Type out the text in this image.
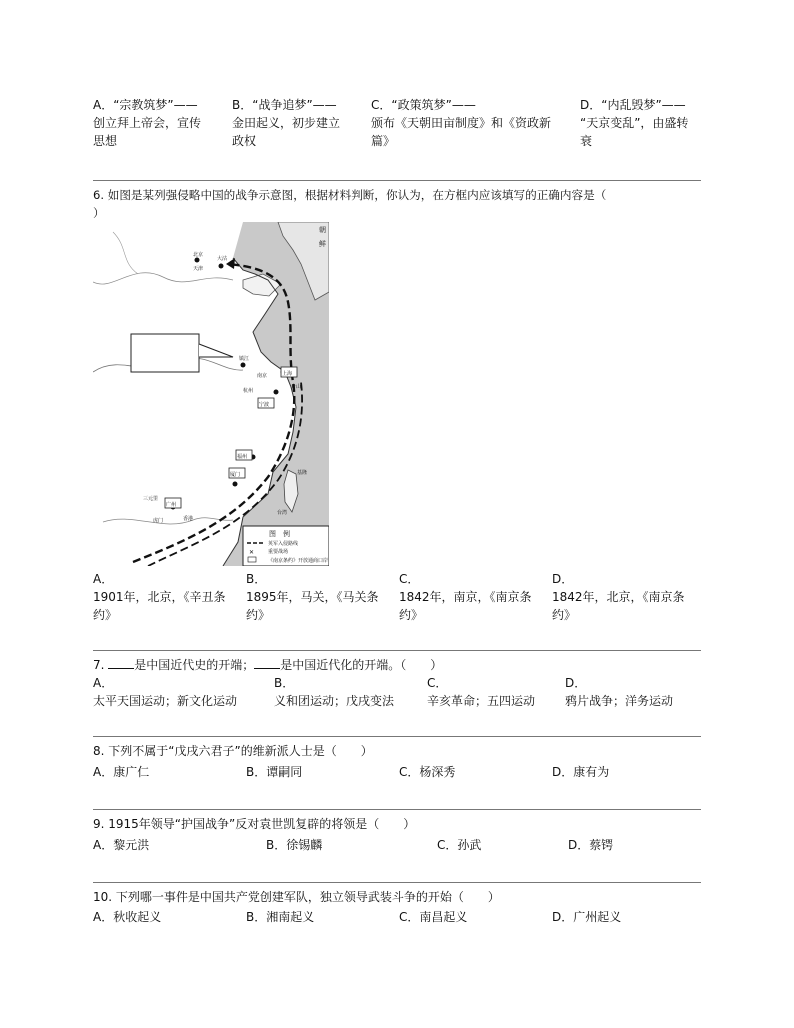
A．“宗教筑梦”——
创立拜上帝会，宣传
思想
B．“战争追梦”——
金田起义，初步建立
政权
C．“政策筑梦”——
颁布《天朝田亩制度》和《资政新
篇》
D．“内乱毁梦”——
“天京变乱”，由盛转
衰
6. 如图是某列强侵略中国的战争示意图，根据材料判断，你认为，在方框内应该填写的正确内容是（
）
图　例
英军入侵路线
✕	重要战场
《南京条约》开放通商口岸
北京
天津
大沽
朝
鲜
镇江
南京	上海
杭州
宁波
福州
厦门
广州
香港
台湾
基隆
三元里
虎门
舟山
A．
1901年，北京，《辛丑条
约》
B．
1895年，马关，《马关条
约》
C．
1842年，南京，《南京条
约》
D．
1842年，北京，《南京条
约》
7. 是中国近代史的开端； 是中国近代化的开端。（　　）
A．
太平天国运动；新文化运动
B．
义和团运动；戊戌变法
C．
辛亥革命；五四运动
D．
鸦片战争；洋务运动
8. 下列不属于“戊戌六君子”的维新派人士是（　　）
A．康广仁	B．谭嗣同	C．杨深秀	D．康有为
9. 1915年领导“护国战争”反对袁世凯复辟的将领是（　　）
A．黎元洪	B．徐锡麟	C．孙武	D．蔡锷
10. 下列哪一事件是中国共产党创建军队，独立领导武装斗争的开始（　　）
A．秋收起义	B．湘南起义	C．南昌起义	D．广州起义
